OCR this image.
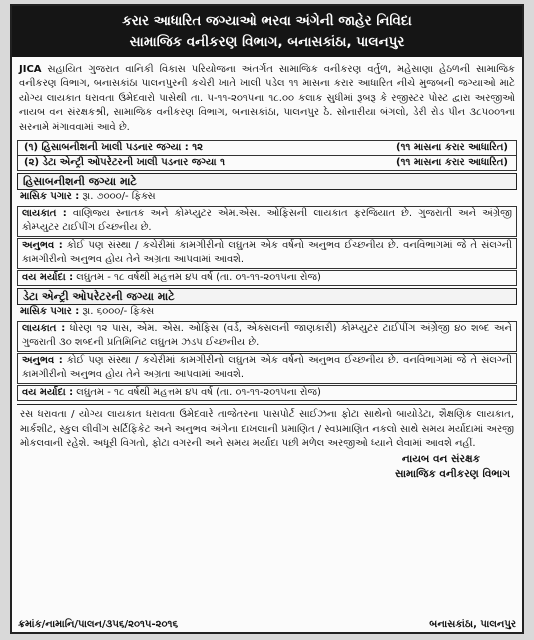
કરાર આધારિત જગ્યાઓ ભરવા અંગેની જાહેર નિવિદા
સામાજિક વનીકરણ વિભાગ, બનાસકાંઠા, પાલનપુર
JICA સહાયિત ગુજરાત વાનિકી વિકાસ પરિયોજના અંતર્ગત સામાજિક વનીકરણ વર્તુળ, મહેસાણા હેઠળની સામાજિક વનીકરણ વિભાગ, બનાસકાંઠા પાલનપુરની કચેરી ખાતે ખાલી પડેલ ૧૧ માસના કરાર આધારિત નીચે મુજબની જગ્યાઓ માટે યોગ્ય લાયકાત ધરાવતા ઉમેદવારો પાસેથી તા. ૫-૧૧-૨૦૧૫ના ૧૮.૦૦ કલાક સુધીમાં રૂબરૂ કે રજીસ્ટર પોસ્ટ દ્વારા અરજીઓ નાયબ વન સંરક્ષકશ્રી, સામાજિક વનીકરણ વિભાગ, બનાસકાંઠા, પાલનપુર ઠે. સોનારીયા બંગલો, ડેરી રોડ પીન ૩૮૫૦૦૧ના સરનામે મંગાવવામાં આવે છે.
(૧) હિસાબનીશની ખાલી પડનાર જગ્યા : ૧૨	(૧૧ માસના કરાર આધારિત)
(૨) ડેટા એન્ટ્રી ઓપરેટરની ખાલી પડનાર જગ્યા ૧	(૧૧ માસના કરાર આધારિત)
હિસાબનીશની જગ્યા માટે
માસિક પગાર : રૂા. ૭૦૦૦/- ફિક્સ
લાયકાત : વાણિજ્ય સ્નાતક અને કોમ્પ્યુટર એમ.એસ. ઓફિસની લાયકાત ફરજિયાત છે. ગુજરાતી અને અંગ્રેજી કોમ્પ્યુટર ટાઈપીંગ ઈચ્છનીય છે.
અનુભવ : કોઈ પણ સંસ્થા / કચેરીમાં કામગીરીનો લઘુતમ એક વર્ષનો અનુભવ ઈચ્છનીય છે. વનવિભાગમાં જે તે સંલગ્ની કામગીરીનો અનુભવ હોય તેને અગ્રતા આપવામાં આવશે.
વય મર્યાદા : લઘુતમ - ૧૮ વર્ષથી મહત્તમ ૪૫ વર્ષ (તા. ૦૧-૧૧-૨૦૧૫ના રોજ)
ડેટા એન્ટ્રી ઓપરેટરની જગ્યા માટે
માસિક પગાર : રૂા. ૬૦૦૦/- ફિક્સ
લાયકાત : ધોરણ ૧૨ પાસ, એમ. એસ. ઓફિસ (વર્ડ, એક્સલની જાણકારી) કોમ્પ્યુટર ટાઈપીંગ અંગ્રેજી ૪૦ શબ્દ અને ગુજરાતી ૩૦ શબ્દની પ્રતિમિનિટ લઘુતમ ઝડપ ઈચ્છનીય છે.
અનુભવ : કોઈ પણ સંસ્થા / કચેરીમાં કામગીરીનો લઘુતમ એક વર્ષનો અનુભવ ઈચ્છનીય છે. વનવિભાગમાં જે તે સંલગ્ની કામગીરીનો અનુભવ હોય તેને અગ્રતા આપવામાં આવશે.
વય મર્યાદા : લઘુતમ - ૧૮ વર્ષથી મહત્તમ ૪૫ વર્ષ (તા. ૦૧-૧૧-૨૦૧૫ના રોજ)
રસ ધરાવતા / યોગ્ય લાયકાત ધરાવતા ઉમેદવારે તાજેતરના પાસપોર્ટ સાઈઝના ફોટા સાથેનો બાયોડેટા, શૈક્ષણિક લાયકાત, માર્કશીટ, સ્કુલ લીવીંગ સર્ટિફિકેટ અને અનુભવ અંગેના દાખલાની પ્રમાણિત / સ્વપ્રમાણિત નકલો સાથે સમય મર્યાદામાં અરજી મોકલવાની રહેશે. અધૂરી વિગતો, ફોટા વગરની અને સમય મર્યાદા પછી મળેલ અરજીઓ ધ્યાને લેવામાં આવશે નહીં.
નાયબ વન સંરક્ષક
સામાજિક વનીકરણ વિભાગ
ક્રમાંક/નામાનિ/પાલન/૩૫૬/૨૦૧૫-૨૦૧૬	બનાસકાંઠા, પાલનપુર
